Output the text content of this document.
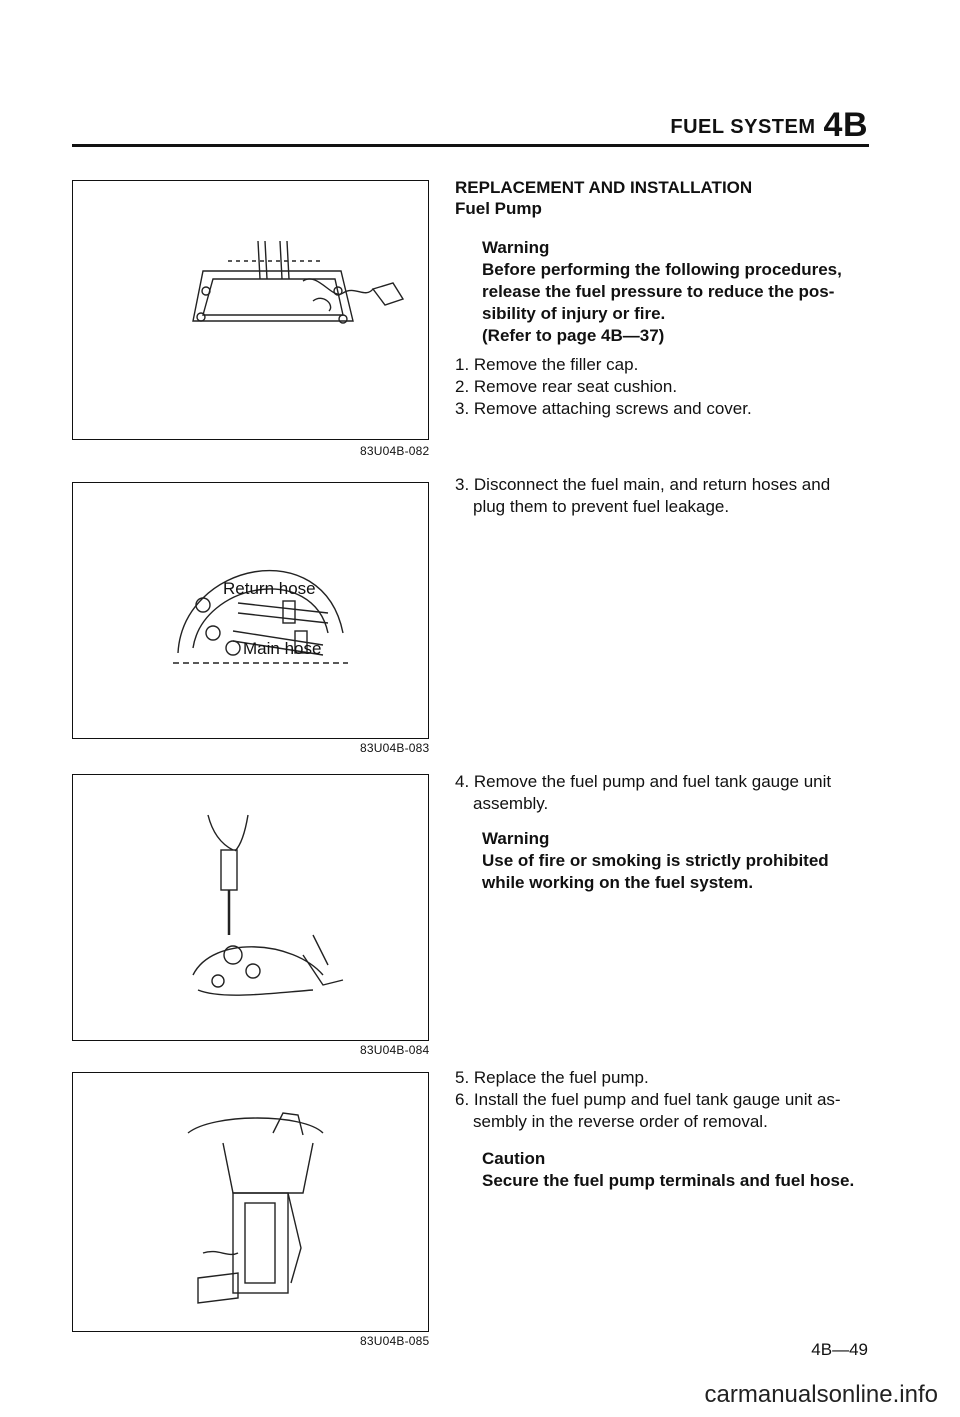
FUEL SYSTEM 4B
83U04B-082
Return hose
Main hose
83U04B-083
83U04B-084
83U04B-085
REPLACEMENT AND INSTALLATION
Fuel Pump
Warning
Before performing the following procedures,
release the fuel pressure to reduce the pos-
sibility of injury or fire.
(Refer to page 4B—37)
1. Remove the filler cap.
2. Remove rear seat cushion.
3. Remove attaching screws and cover.
3. Disconnect the fuel main, and return hoses and
plug them to prevent fuel leakage.
4. Remove the fuel pump and fuel tank gauge unit
assembly.
Warning
Use of fire or smoking is strictly prohibited
while working on the fuel system.
5. Replace the fuel pump.
6. Install the fuel pump and fuel tank gauge unit as-
sembly in the reverse order of removal.
Caution
Secure the fuel pump terminals and fuel hose.
4B—49
carmanualsonline.info
